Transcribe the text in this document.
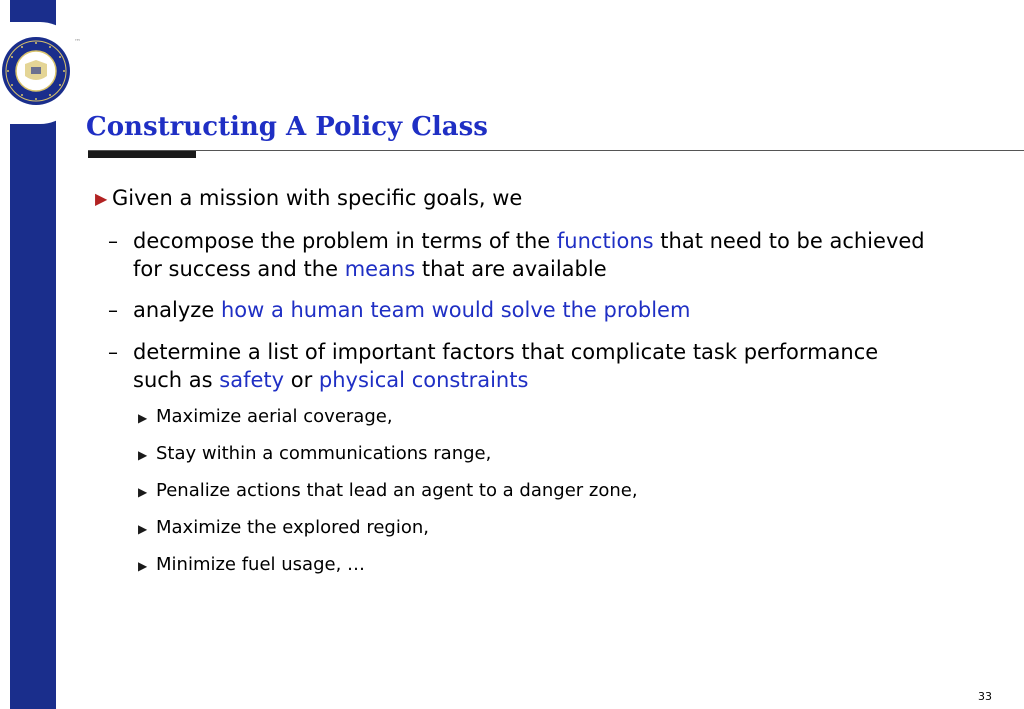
™
Constructing A Policy Class
▶ Given a mission with specific goals, we
– decompose the problem in terms of the functions that need to be achieved
for success and the means that are available
– analyze how a human team would solve the problem
– determine a list of important factors that complicate task performance
such as safety or physical constraints
▶ Maximize aerial coverage,
▶ Stay within a communications range,
▶ Penalize actions that lead an agent to a danger zone,
▶ Maximize the explored region,
▶ Minimize fuel usage, …
33
